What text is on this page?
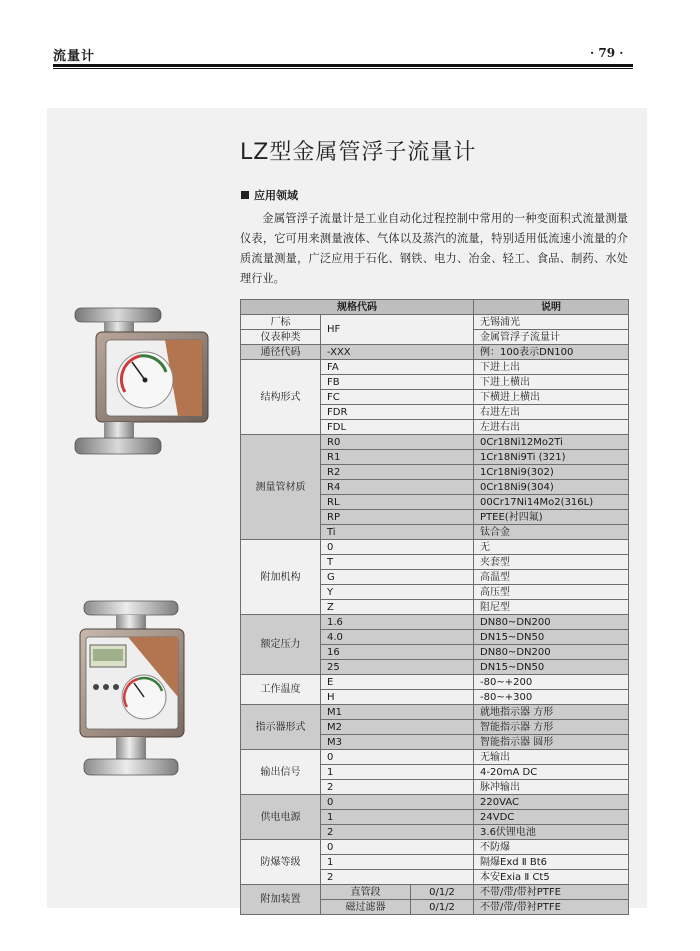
流量计	· 79 ·
LZ型金属管浮子流量计
应用领域
金属管浮子流量计是工业自动化过程控制中常用的一种变面积式流量测量仪表，它可用来测量液体、气体以及蒸汽的流量，特别适用低流速小流量的介质流量测量，广泛应用于石化、钢铁、电力、冶金、轻工、食品、制药、水处理行业。
规格代码			说明
厂标	HF		无锡浦光
仪表种类			金属管浮子流量计
通径代码	-XXX		例：100表示DN100
结构形式	FA		下进上出
	FB		下进上横出
	FC		下横进上横出
	FDR		右进左出
	FDL		左进右出
测量管材质	R0		0Cr18Ni12Mo2Ti
	R1		1Cr18Ni9Ti (321)
	R2		1Cr18Ni9(302)
	R4		0Cr18Ni9(304)
	RL		00Cr17Ni14Mo2(316L)
	RP		PTEE(衬四氟)
	Ti		钛合金
附加机构	0		无
	T		夹套型
	G		高温型
	Y		高压型
	Z		阻尼型
额定压力	1.6		DN80~DN200
	4.0		DN15~DN50
	16		DN80~DN200
	25		DN15~DN50
工作温度	E		-80~+200
	H		-80~+300
指示器形式	M1		就地指示器 方形
	M2		智能指示器 方形
	M3		智能指示器 圆形
输出信号	0		无输出
	1		4-20mA DC
	2		脉冲输出
供电电源	0		220VAC
	1		24VDC
	2		3.6伏锂电池
防爆等级	0		不防爆
	1		隔爆Exd Ⅱ Bt6
	2		本安Exia Ⅱ Ct5
附加装置	直管段	0/1/2	不带/带/带衬PTFE
	磁过滤器	0/1/2	不带/带/带衬PTFE
